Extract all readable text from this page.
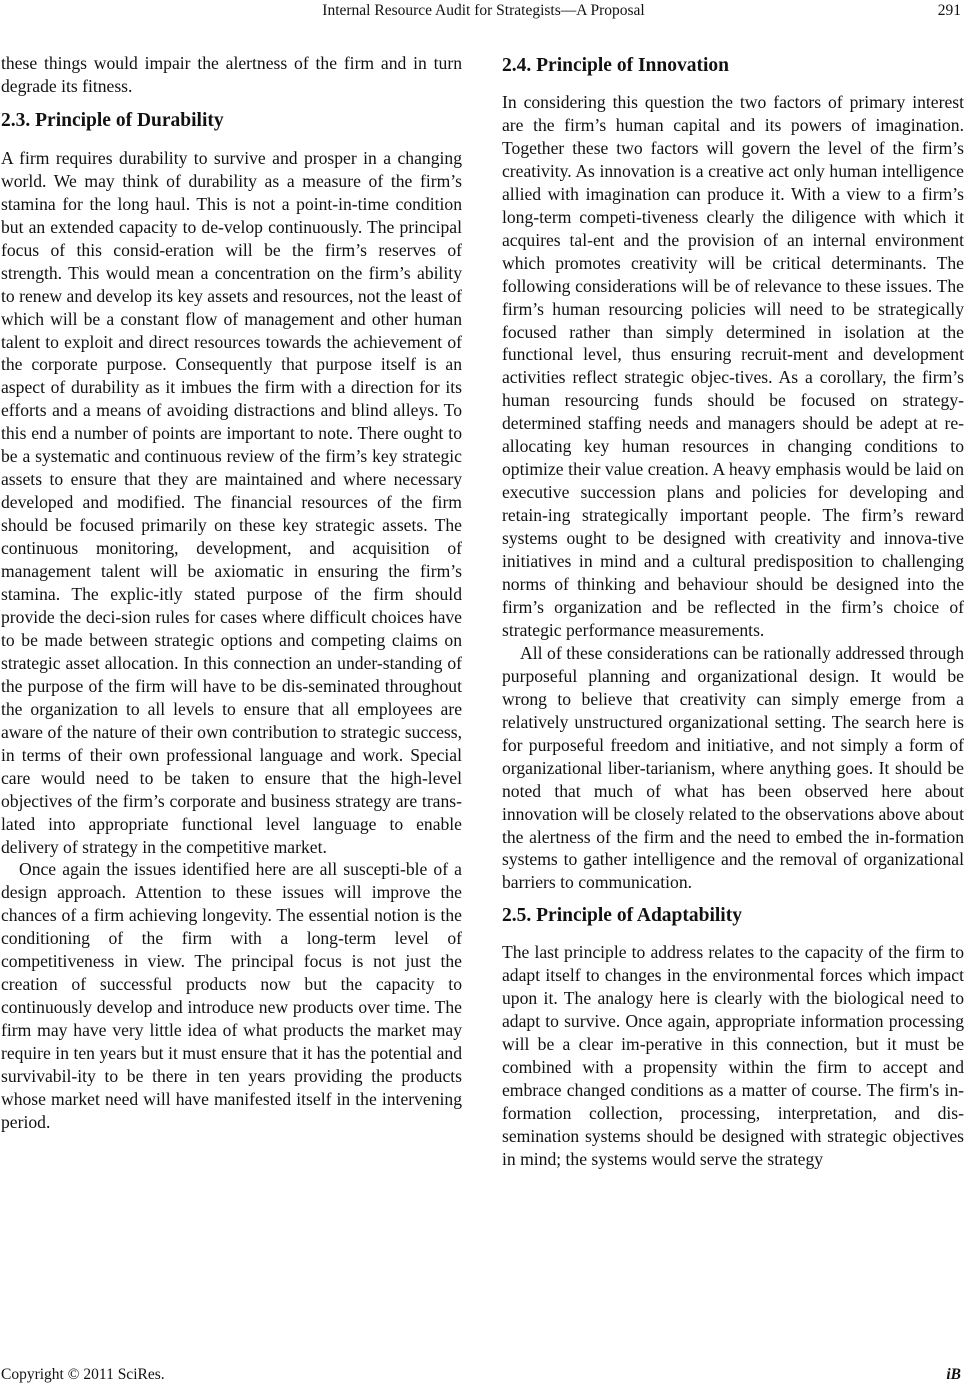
Internal Resource Audit for Strategists—A Proposal	291

these things would impair the alertness of the firm and in turn degrade its fitness.

2.3. Principle of Durability

A firm requires durability to survive and prosper in a changing world. We may think of durability as a measure of the firm’s stamina for the long haul. This is not a point-in-time condition but an extended capacity to de-velop continuously. The principal focus of this consid-eration will be the firm’s reserves of strength. This would mean a concentration on the firm’s ability to renew and develop its key assets and resources, not the least of which will be a constant flow of management and other human talent to exploit and direct resources towards the achievement of the corporate purpose. Consequently that purpose itself is an aspect of durability as it imbues the firm with a direction for its efforts and a means of avoiding distractions and blind alleys. To this end a number of points are important to note. There ought to be a systematic and continuous review of the firm’s key strategic assets to ensure that they are maintained and where necessary developed and modified. The financial resources of the firm should be focused primarily on these key strategic assets. The continuous monitoring, development, and acquisition of management talent will be axiomatic in ensuring the firm’s stamina. The explic-itly stated purpose of the firm should provide the deci-sion rules for cases where difficult choices have to be made between strategic options and competing claims on strategic asset allocation. In this connection an under-standing of the purpose of the firm will have to be dis-seminated throughout the organization to all levels to ensure that all employees are aware of the nature of their own contribution to strategic success, in terms of their own professional language and work. Special care would need to be taken to ensure that the high-level objectives of the firm’s corporate and business strategy are trans-lated into appropriate functional level language to enable delivery of strategy in the competitive market.

Once again the issues identified here are all suscepti-ble of a design approach. Attention to these issues will improve the chances of a firm achieving longevity. The essential notion is the conditioning of the firm with a long-term level of competitiveness in view. The principal focus is not just the creation of successful products now but the capacity to continuously develop and introduce new products over time. The firm may have very little idea of what products the market may require in ten years but it must ensure that it has the potential and survivabil-ity to be there in ten years providing the products whose market need will have manifested itself in the intervening period.

2.4. Principle of Innovation

In considering this question the two factors of primary interest are the firm’s human capital and its powers of imagination. Together these two factors will govern the level of the firm’s creativity. As innovation is a creative act only human intelligence allied with imagination can produce it. With a view to a firm’s long-term competi-tiveness clearly the diligence with which it acquires tal-ent and the provision of an internal environment which promotes creativity will be critical determinants. The following considerations will be of relevance to these issues. The firm’s human resourcing policies will need to be strategically focused rather than simply determined in isolation at the functional level, thus ensuring recruit-ment and development activities reflect strategic objec-tives. As a corollary, the firm’s human resourcing funds should be focused on strategy-determined staffing needs and managers should be adept at re-allocating key human resources in changing conditions to optimize their value creation. A heavy emphasis would be laid on executive succession plans and policies for developing and retain-ing strategically important people. The firm’s reward systems ought to be designed with creativity and innova-tive initiatives in mind and a cultural predisposition to challenging norms of thinking and behaviour should be designed into the firm’s organization and be reflected in the firm’s choice of strategic performance measurements.

All of these considerations can be rationally addressed through purposeful planning and organizational design. It would be wrong to believe that creativity can simply emerge from a relatively unstructured organizational setting. The search here is for purposeful freedom and initiative, and not simply a form of organizational liber-tarianism, where anything goes. It should be noted that much of what has been observed here about innovation will be closely related to the observations above about the alertness of the firm and the need to embed the in-formation systems to gather intelligence and the removal of organizational barriers to communication.

2.5. Principle of Adaptability

The last principle to address relates to the capacity of the firm to adapt itself to changes in the environmental forces which impact upon it. The analogy here is clearly with the biological need to adapt to survive. Once again, appropriate information processing will be a clear im-perative in this connection, but it must be combined with a propensity within the firm to accept and embrace changed conditions as a matter of course. The firm's in-formation collection, processing, interpretation, and dis-semination systems should be designed with strategic objectives in mind; the systems would serve the strategy

Copyright © 2011 SciRes.	iB
